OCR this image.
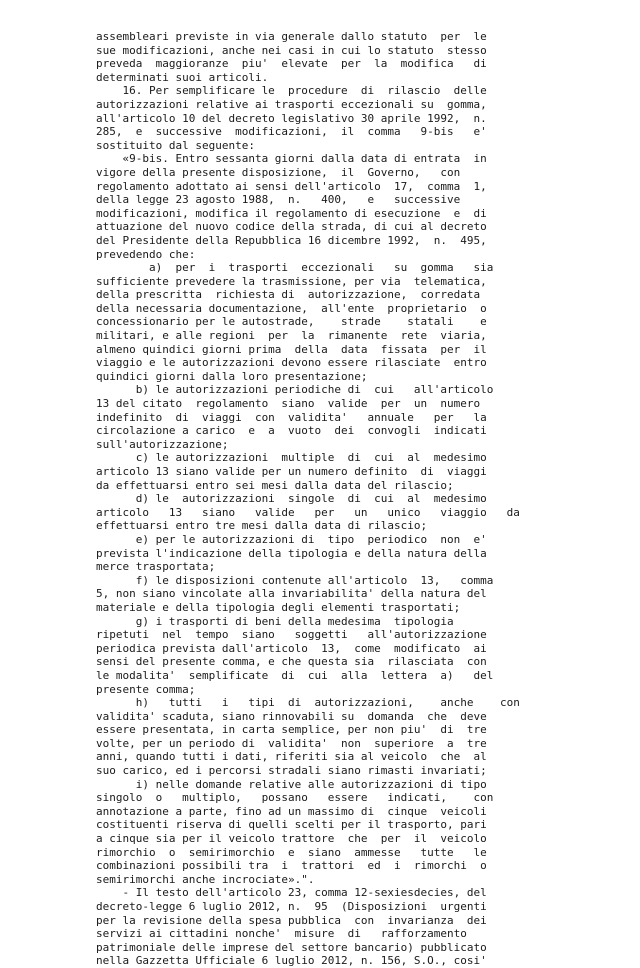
assembleari previste in via generale dallo statuto  per  le
sue modificazioni, anche nei casi in cui lo statuto  stesso
preveda  maggioranze  piu'  elevate  per  la  modifica   di
determinati suoi articoli.
16. Per semplificare le  procedure  di  rilascio  delle
autorizzazioni relative ai trasporti eccezionali su  gomma,
all'articolo 10 del decreto legislativo 30 aprile 1992,  n.
285,  e  successive  modificazioni,  il  comma   9-bis   e'
sostituito dal seguente:
«9-bis. Entro sessanta giorni dalla data di entrata  in
vigore della presente disposizione,  il  Governo,   con
regolamento adottato ai sensi dell'articolo  17,  comma  1,
della legge 23 agosto 1988,  n.   400,   e   successive
modificazioni, modifica il regolamento di esecuzione  e  di
attuazione del nuovo codice della strada, di cui al decreto
del Presidente della Repubblica 16 dicembre 1992,  n.  495,
prevedendo che:
a)  per  i  trasporti  eccezionali   su  gomma   sia
sufficiente prevedere la trasmissione, per via  telematica,
della prescritta  richiesta di  autorizzazione,  corredata
della necessaria documentazione,  all'ente  proprietario  o
concessionario per le autostrade,    strade    statali    e
militari, e alle regioni  per  la  rimanente  rete  viaria,
almeno quindici giorni prima  della  data  fissata  per  il
viaggio e le autorizzazioni devono essere rilasciate  entro
quindici giorni dalla loro presentazione;
b) le autorizzazioni periodiche di  cui   all'articolo
13 del citato  regolamento  siano  valide  per  un  numero
indefinito  di  viaggi  con  validita'   annuale   per   la
circolazione a carico  e  a  vuoto  dei  convogli  indicati
sull'autorizzazione;
c) le autorizzazioni  multiple  di  cui  al  medesimo
articolo 13 siano valide per un numero definito  di  viaggi
da effettuarsi entro sei mesi dalla data del rilascio;
d) le  autorizzazioni  singole  di  cui  al  medesimo
articolo   13   siano   valide   per   un   unico   viaggio   da
effettuarsi entro tre mesi dalla data di rilascio;
e) per le autorizzazioni di  tipo  periodico  non  e'
prevista l'indicazione della tipologia e della natura della
merce trasportata;
f) le disposizioni contenute all'articolo  13,   comma
5, non siano vincolate alla invariabilita' della natura del
materiale e della tipologia degli elementi trasportati;
g) i trasporti di beni della medesima  tipologia
ripetuti  nel  tempo  siano   soggetti   all'autorizzazione
periodica prevista dall'articolo  13,  come  modificato  ai
sensi del presente comma, e che questa sia  rilasciata  con
le modalita'  semplificate  di  cui  alla  lettera  a)   del
presente comma;
h)   tutti   i   tipi  di  autorizzazioni,    anche    con
validita' scaduta, siano rinnovabili su  domanda  che  deve
essere presentata, in carta semplice, per non piu'  di  tre
volte, per un periodo di  validita'  non  superiore  a  tre
anni, quando tutti i dati, riferiti sia al veicolo  che  al
suo carico, ed i percorsi stradali siano rimasti invariati;
i) nelle domande relative alle autorizzazioni di tipo
singolo  o   multiplo,   possano   essere   indicati,    con
annotazione a parte, fino ad un massimo di  cinque  veicoli
costituenti riserva di quelli scelti per il trasporto, pari
a cinque sia per il veicolo trattore  che  per  il  veicolo
rimorchio  o  semirimorchio  e  siano  ammesse   tutte   le
combinazioni possibili tra  i  trattori  ed  i  rimorchi  o
semirimorchi anche incrociate».".
- Il testo dell'articolo 23, comma 12-sexiesdecies, del
decreto-legge 6 luglio 2012, n.  95  (Disposizioni  urgenti
per la revisione della spesa pubblica  con  invarianza  dei
servizi ai cittadini nonche'  misure  di   rafforzamento
patrimoniale delle imprese del settore bancario) pubblicato
nella Gazzetta Ufficiale 6 luglio 2012, n. 156, S.O., cosi'
